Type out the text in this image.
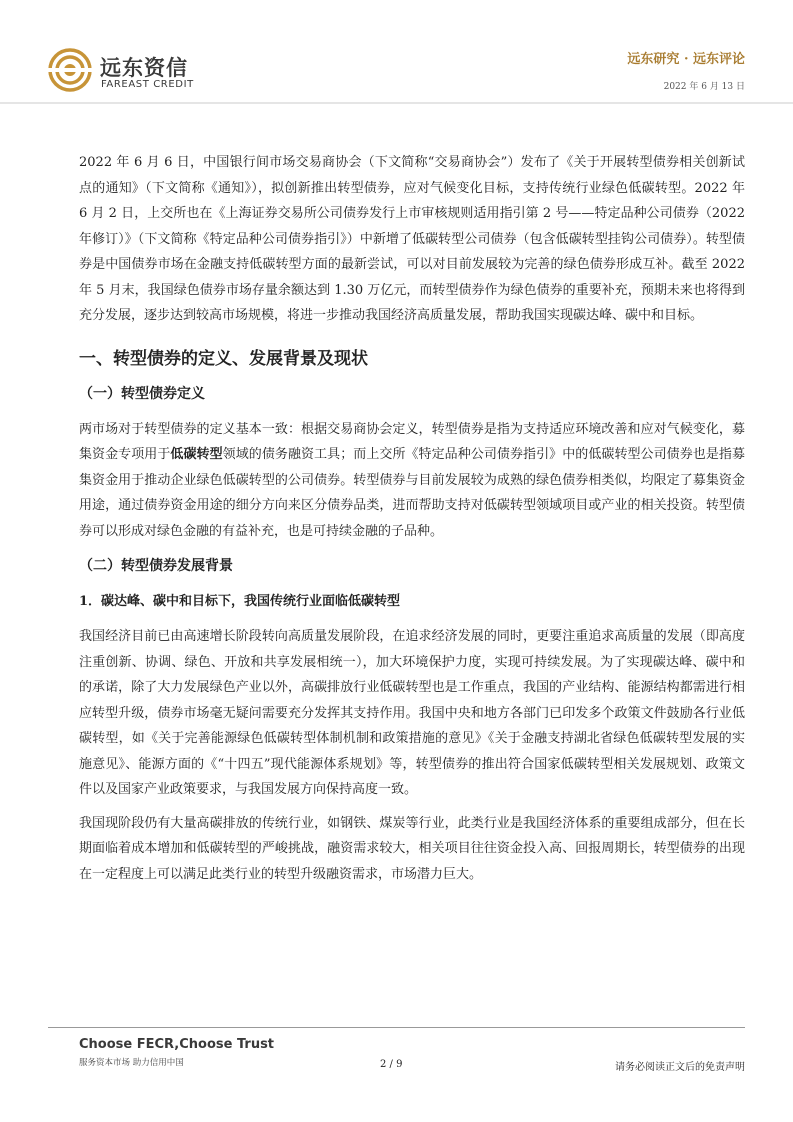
远东资信
FAREAST CREDIT
远东研究 · 远东评论
2022 年 6 月 13 日

2022 年 6 月 6 日，中国银行间市场交易商协会（下文简称“交易商协会”）发布了《关于开展转型债券相关创新试点的通知》（下文简称《通知》），拟创新推出转型债券，应对气候变化目标，支持传统行业绿色低碳转型。2022 年 6 月 2 日，上交所也在《上海证券交易所公司债券发行上市审核规则适用指引第 2 号——特定品种公司债券（2022 年修订）》（下文简称《特定品种公司债券指引》）中新增了低碳转型公司债券（包含低碳转型挂钩公司债券）。转型债券是中国债券市场在金融支持低碳转型方面的最新尝试，可以对目前发展较为完善的绿色债券形成互补。截至 2022 年 5 月末，我国绿色债券市场存量余额达到 1.30 万亿元，而转型债券作为绿色债券的重要补充，预期未来也将得到充分发展，逐步达到较高市场规模，将进一步推动我国经济高质量发展，帮助我国实现碳达峰、碳中和目标。

一、转型债券的定义、发展背景及现状
（一）转型债券定义

两市场对于转型债券的定义基本一致：根据交易商协会定义，转型债券是指为支持适应环境改善和应对气候变化，募集资金专项用于低碳转型领域的债务融资工具；而上交所《特定品种公司债券指引》中的低碳转型公司债券也是指募集资金用于推动企业绿色低碳转型的公司债券。转型债券与目前发展较为成熟的绿色债券相类似，均限定了募集资金用途，通过债券资金用途的细分方向来区分债券品类，进而帮助支持对低碳转型领域项目或产业的相关投资。转型债券可以形成对绿色金融的有益补充，也是可持续金融的子品种。

（二）转型债券发展背景
1．碳达峰、碳中和目标下，我国传统行业面临低碳转型

我国经济目前已由高速增长阶段转向高质量发展阶段，在追求经济发展的同时，更要注重追求高质量的发展（即高度注重创新、协调、绿色、开放和共享发展相统一），加大环境保护力度，实现可持续发展。为了实现碳达峰、碳中和的承诺，除了大力发展绿色产业以外，高碳排放行业低碳转型也是工作重点，我国的产业结构、能源结构都需进行相应转型升级，债券市场毫无疑问需要充分发挥其支持作用。我国中央和地方各部门已印发多个政策文件鼓励各行业低碳转型，如《关于完善能源绿色低碳转型体制机制和政策措施的意见》《关于金融支持湖北省绿色低碳转型发展的实施意见》、能源方面的《“十四五”现代能源体系规划》等，转型债券的推出符合国家低碳转型相关发展规划、政策文件以及国家产业政策要求，与我国发展方向保持高度一致。

我国现阶段仍有大量高碳排放的传统行业，如钢铁、煤炭等行业，此类行业是我国经济体系的重要组成部分，但在长期面临着成本增加和低碳转型的严峻挑战，融资需求较大，相关项目往往资金投入高、回报周期长，转型债券的出现在一定程度上可以满足此类行业的转型升级融资需求，市场潜力巨大。

Choose FECR,Choose Trust
服务资本市场 助力信用中国	2 / 9	请务必阅读正文后的免责声明
